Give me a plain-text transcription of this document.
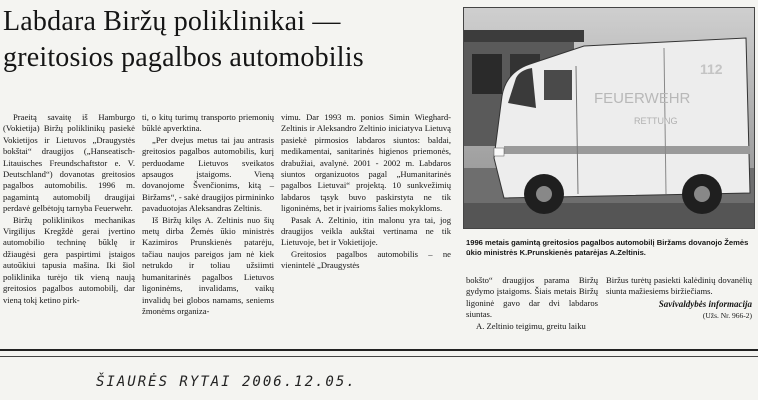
Labdara Biržų poliklinikai — greitosios pagalbos automobilis

Praeitą savaitę iš Hamburgo (Vokietija) Biržų poliklinikų pasiekė Vokietijos ir Lietuvos „Draugystės bokštai“ draugijos („Hanseatisch-Litauisches Freundschaftstor e. V. Deutschland“) dovanotas greitosios pagalbos automobilis. 1996 m. pagamintą automobilį draugijai perdavė gelbėtojų tarnyba Feuerwehr.

Biržų poliklinikos mechanikas Virgilijus Kregždė gerai įvertino automobilio techninę būklę ir džiaugėsi gera paspirtimi įstaigos autoūkiui tapusia mašina. Iki šiol poliklinika turėjo tik vieną naują greitosios pagalbos automobilį, dar vieną tokį ketino pirk-

ti, o kitų turimų transporto priemonių būklė apverktina.

„Per dvejus metus tai jau antrasis greitosios pagalbos automobilis, kurį perduodame Lietuvos sveikatos apsaugos įstaigoms. Vieną dovanojome Švenčionims, kitą – Biržams“, - sakė draugijos pirmininko pavaduotojas Aleksandras Zeltinis.

Iš Biržų kilęs A. Zeltinis nuo šių metų dirba Žemės ūkio ministrės Kazimiros Prunskienės patarėju, tačiau naujos pareigos jam nė kiek netrukdo ir toliau užsiimti humanitarinės pagalbos Lietuvos ligoninėms, invalidams, vaikų invalidų bei globos namams, seniems žmonėms organiza-

vimu. Dar 1993 m. ponios Simin Wieghard-Zeltinis ir Aleksandro Zeltinio iniciatyva Lietuvą pasiekė pirmosios labdaros siuntos: baldai, medikamentai, sanitarinės higienos priemonės, drabužiai, avalynė. 2001 - 2002 m. Labdaros siuntos organizuotos pagal „Humanitarinės pagalbos Lietuvai“ projektą. 10 sunkvežimių labdaros tąsyk buvo paskirstyta ne tik ligoninėms, bet ir įvairioms šalies mokykloms.

Pasak A. Zeltinio, itin malonu yra tai, jog draugijos veikla aukštai vertinama ne tik Lietuvoje, bet ir Vokietijoje.

Greitosios pagalbos automobilis – ne vienintelė „Draugystės

FEUERWEHR
RETTUNG
112
1996 metais gamintą greitosios pagalbos automobilį Biržams dovanojo Žemės ūkio ministrės K.Prunskienės patarėjas A.Zeltinis.

bokšto“ draugijos parama Biržų gydymo įstaigoms. Šiais metais Biržų ligoninė gavo dar dvi labdaros siuntas.

A. Zeltinio teigimu, greitu laiku

Biržus turėtų pasiekti kalėdinių dovanėlių siunta mažiesiems biržiečiams.

Savivaldybės informacija
(Užs. Nr. 966-2)
ŠIAURĖS RYTAI 2006.12.05.
